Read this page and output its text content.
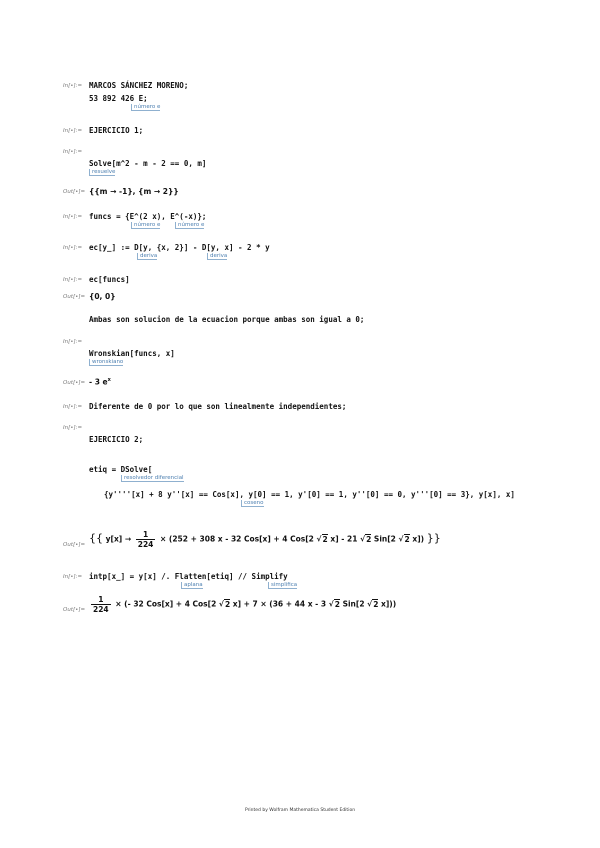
In[•]:= MARCOS SÁNCHEZ MORENO;
53 892 426 E;
número e
In[•]:= EJERCICIO 1;
In[•]:=
Solve[m^2 - m - 2 == 0, m]
resuelve
Out[•]= {{m → -1}, {m → 2}}
In[•]:= funcs = {E^(2 x), E^(-x)};
número e	número e
In[•]:= ec[y_] := D[y, {x, 2}] - D[y, x] - 2 * y
deriva	deriva
In[•]:= ec[funcs]
Out[•]= {0, 0}
Ambas son solucion de la ecuacion porque ambas son igual a 0;
In[•]:=
Wronskian[funcs, x]
wronskiano
Out[•]= - 3 $e^x$
In[•]:= Diferente de 0 por lo que son linealmente independientes;
In[•]:=
EJERCICIO 2;
etiq = DSolve[
resolvedor diferencial
{y''''[x] + 8 y''[x] == Cos[x], y[0] == 1, y'[0] == 1, y''[0] == 0, y'''[0] == 3}, y[x], x]
coseno
Out[•]=
{{ $y[x] \to \frac{1}{224} \times (252 + 308$ x - 32 Cos[x] + 4 Cos[2 √2 x] - 21 √2 Sin[2 √2 x]) }}
In[•]:= intp[x_] = y[x] /. Flatten[etiq] // Simplify
aplana	simplifica
Out[•]= $\frac{1}{224}$ × (- 32 Cos[x] + 4 Cos[2 √2 x] + 7 × (36 + 44 x - 3 √2 Sin[2 √2 x]))
Printed by Wolfram Mathematica Student Edition
